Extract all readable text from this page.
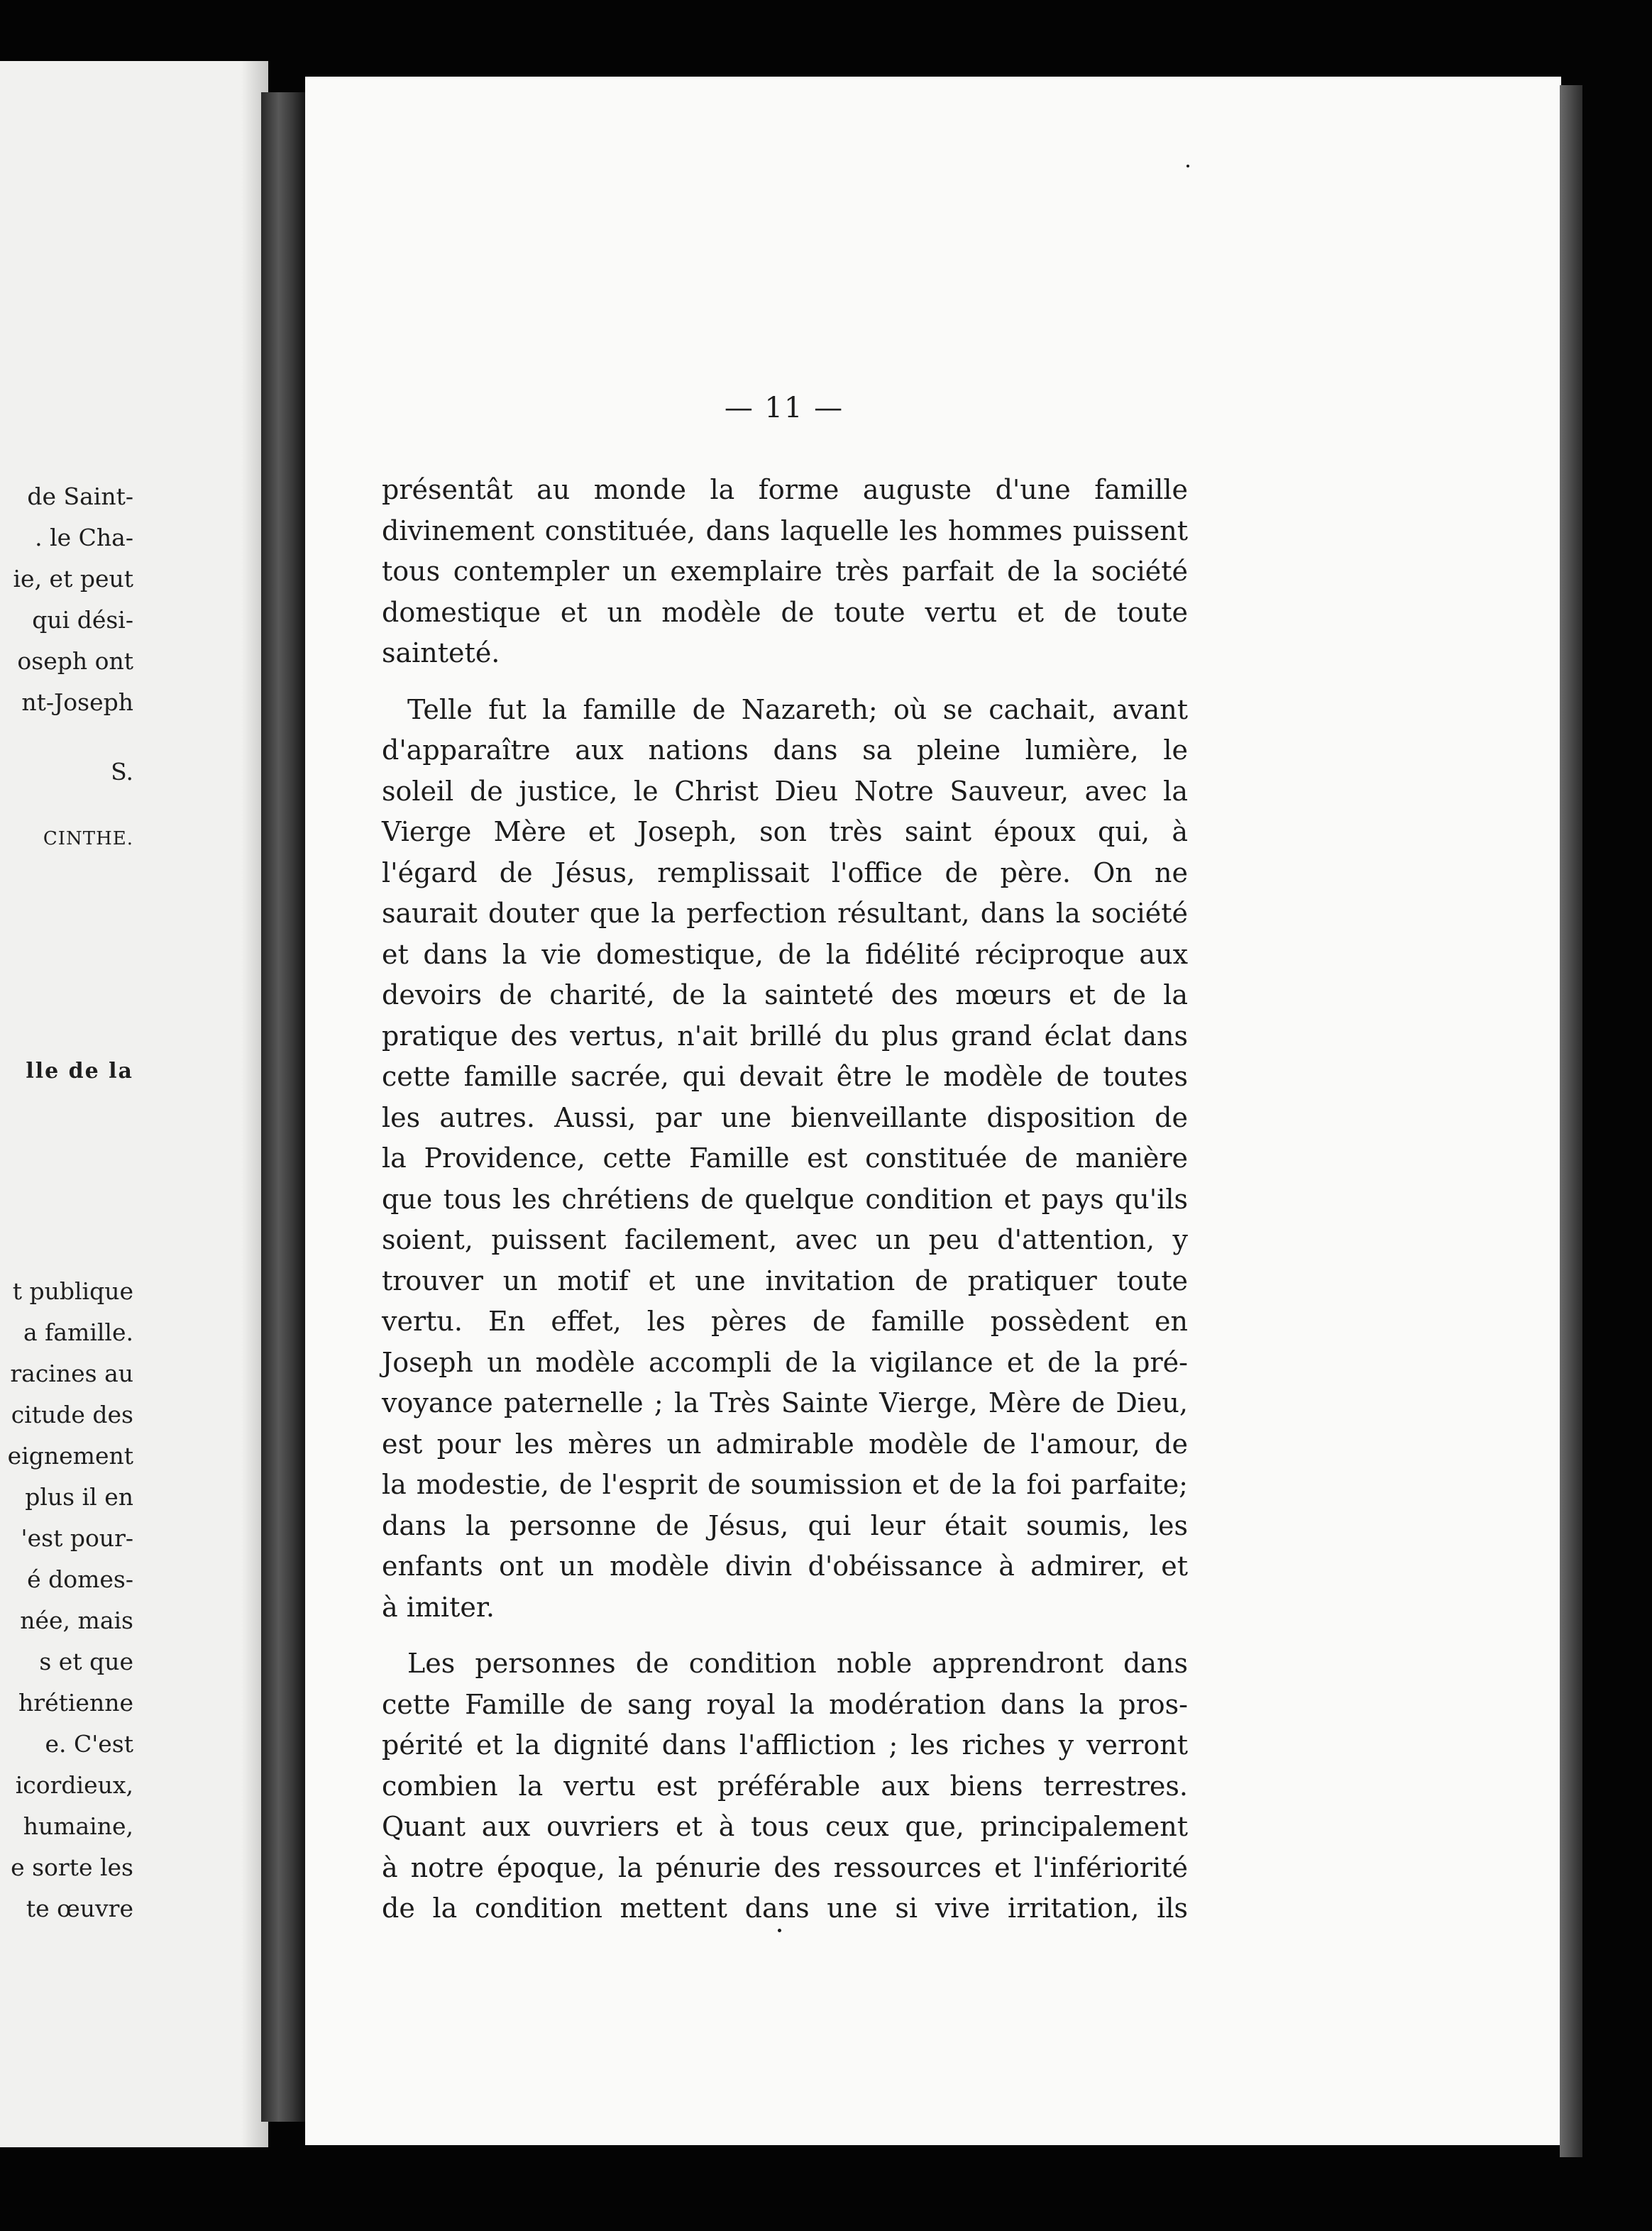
de Saint-
. le Cha-
ie, et peut
qui dési-
oseph ont
nt-Joseph
S.
CINTHE.
lle de la
t publique
a famille.
racines au
citude des
eignement
plus il en
'est pour-
é domes-
née, mais
s et que
hrétienne
e. C'est
icordieux,
humaine,
e sorte les
te œuvre
— 11 —
présentât au monde la forme auguste d'une famille
divinement constituée, dans laquelle les hommes puissent
tous contempler un exemplaire très parfait de la société
domestique et un modèle de toute vertu et de toute
sainteté.
Telle fut la famille de Nazareth; où se cachait, avant
d'apparaître aux nations dans sa pleine lumière, le
soleil de justice, le Christ Dieu Notre Sauveur, avec la
Vierge Mère et Joseph, son très saint époux qui, à
l'égard de Jésus, remplissait l'office de père. On ne
saurait douter que la perfection résultant, dans la société
et dans la vie domestique, de la fidélité réciproque aux
devoirs de charité, de la sainteté des mœurs et de la
pratique des vertus, n'ait brillé du plus grand éclat dans
cette famille sacrée, qui devait être le modèle de toutes
les autres. Aussi, par une bienveillante disposition de
la Providence, cette Famille est constituée de manière
que tous les chrétiens de quelque condition et pays qu'ils
soient, puissent facilement, avec un peu d'attention, y
trouver un motif et une invitation de pratiquer toute
vertu. En effet, les pères de famille possèdent en
Joseph un modèle accompli de la vigilance et de la pré-
voyance paternelle ; la Très Sainte Vierge, Mère de Dieu,
est pour les mères un admirable modèle de l'amour, de
la modestie, de l'esprit de soumission et de la foi parfaite;
dans la personne de Jésus, qui leur était soumis, les
enfants ont un modèle divin d'obéissance à admirer, et
à imiter.
Les personnes de condition noble apprendront dans
cette Famille de sang royal la modération dans la pros-
périté et la dignité dans l'affliction ; les riches y verront
combien la vertu est préférable aux biens terrestres.
Quant aux ouvriers et à tous ceux que, principalement
à notre époque, la pénurie des ressources et l'infériorité
de la condition mettent dans une si vive irritation, ils
